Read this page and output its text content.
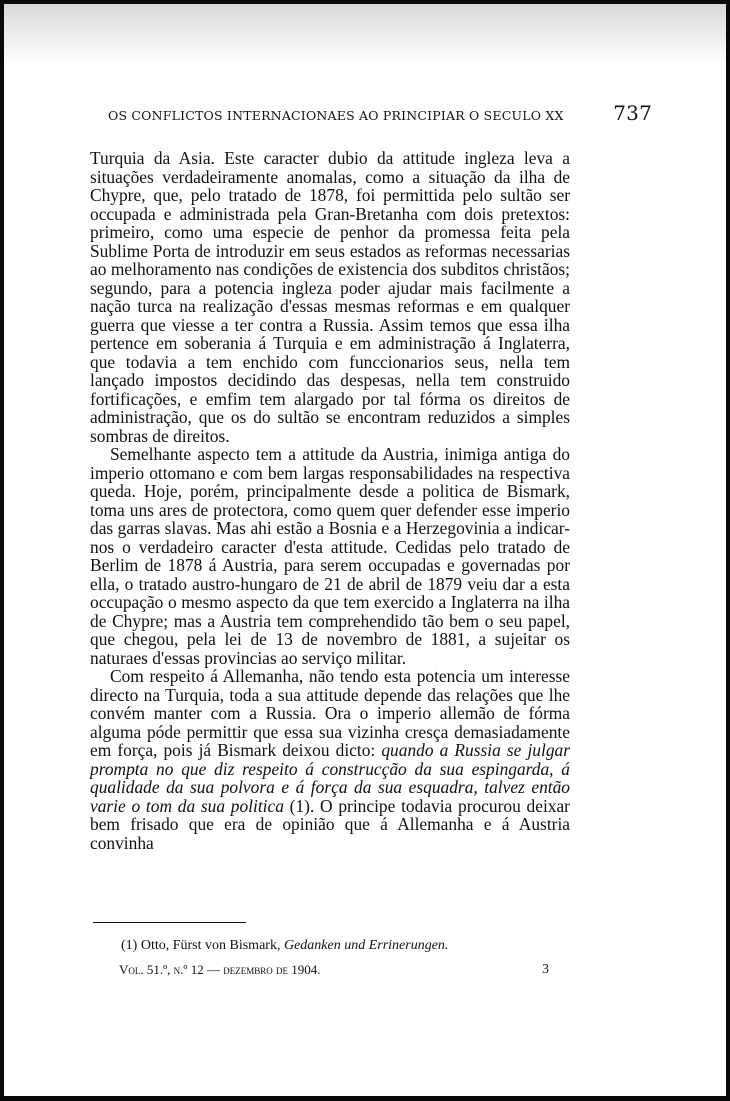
OS CONFLICTOS INTERNACIONAES AO PRINCIPIAR O SECULO XX 737

Turquia da Asia. Este caracter dubio da attitude ingleza leva a situações verdadeiramente anomalas, como a situação da ilha de Chypre, que, pelo tratado de 1878, foi permittida pelo sultão ser occupada e administrada pela Gran-Bretanha com dois pretextos: primeiro, como uma especie de penhor da promessa feita pela Sublime Porta de introduzir em seus estados as reformas necessarias ao melhoramento nas condições de existencia dos subditos christãos; segundo, para a potencia ingleza poder ajudar mais facilmente a nação turca na realização d'essas mesmas reformas e em qualquer guerra que viesse a ter contra a Russia. Assim temos que essa ilha pertence em soberania á Turquia e em administração á Inglaterra, que todavia a tem enchido com funccionarios seus, nella tem lançado impostos decidindo das despesas, nella tem construido fortificações, e emfim tem alargado por tal fórma os direitos de administração, que os do sultão se encontram reduzidos a simples sombras de direitos.

Semelhante aspecto tem a attitude da Austria, inimiga antiga do imperio ottomano e com bem largas responsabilidades na respectiva queda. Hoje, porém, principalmente desde a politica de Bismark, toma uns ares de protectora, como quem quer defender esse imperio das garras slavas. Mas ahi estão a Bosnia e a Herzegovinia a indicar-nos o verdadeiro caracter d'esta attitude. Cedidas pelo tratado de Berlim de 1878 á Austria, para serem occupadas e governadas por ella, o tratado austro-hungaro de 21 de abril de 1879 veiu dar a esta occupação o mesmo aspecto da que tem exercido a Inglaterra na ilha de Chypre; mas a Austria tem comprehendido tão bem o seu papel, que chegou, pela lei de 13 de novembro de 1881, a sujeitar os naturaes d'essas provincias ao serviço militar.

Com respeito á Allemanha, não tendo esta potencia um interesse directo na Turquia, toda a sua attitude depende das relações que lhe convém manter com a Russia. Ora o imperio allemão de fórma alguma póde permittir que essa sua vizinha cresça demasiadamente em força, pois já Bismark deixou dicto: quando a Russia se julgar prompta no que diz respeito á construcção da sua espingarda, á qualidade da sua polvora e á força da sua esquadra, talvez então varie o tom da sua politica (1). O principe todavia procurou deixar bem frisado que era de opinião que á Allemanha e á Austria convinha

(1) Otto, Fürst von Bismark, Gedanken und Errinerungen.
Vol. 51.º, n.º 12 — dezembro de 1904.	3
